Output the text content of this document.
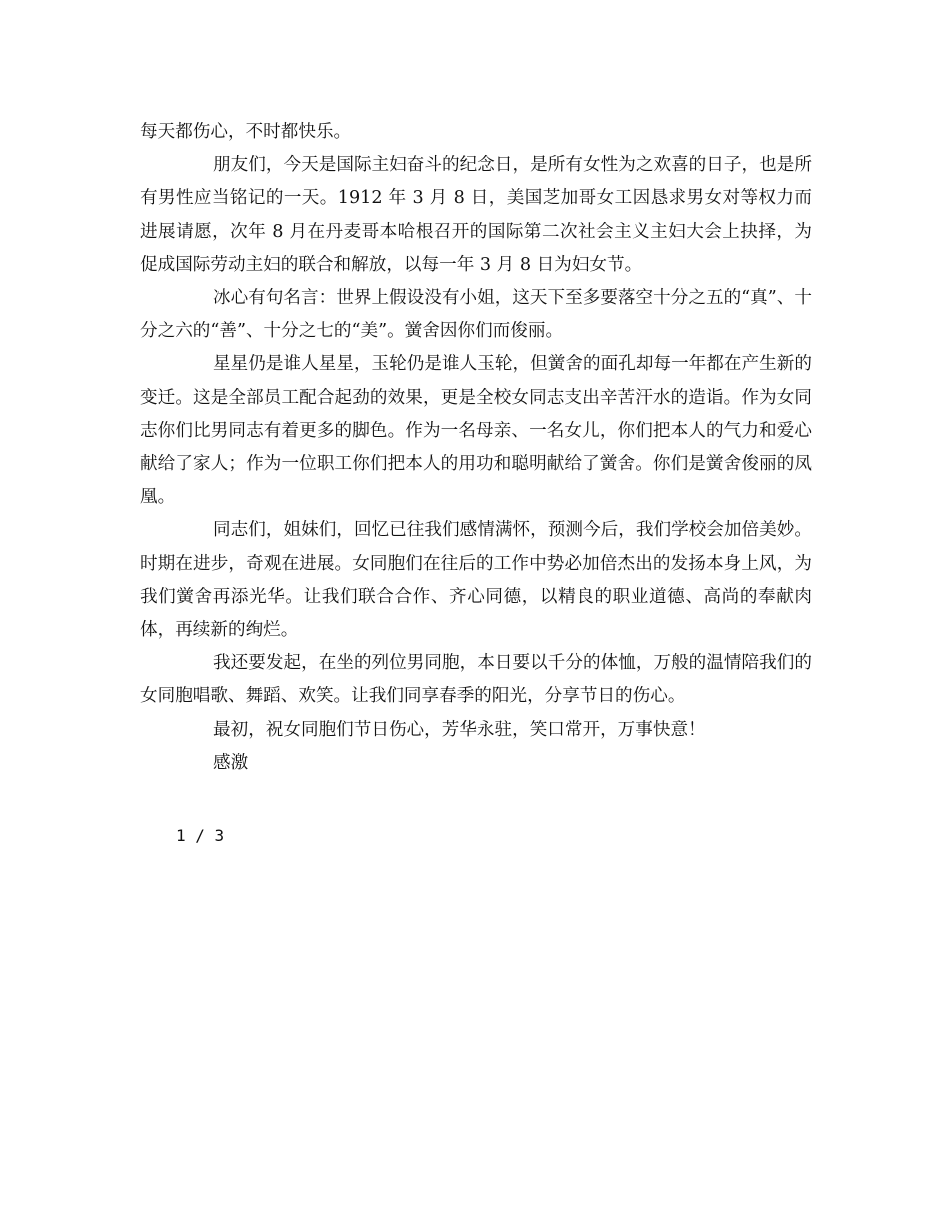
每天都伤心，不时都快乐。

朋友们，今天是国际主妇奋斗的纪念日，是所有女性为之欢喜的日子，也是所有男性应当铭记的一天。1912 年 3 月 8 日，美国芝加哥女工因恳求男女对等权力而进展请愿，次年 8 月在丹麦哥本哈根召开的国际第二次社会主义主妇大会上抉择，为促成国际劳动主妇的联合和解放，以每一年 3 月 8 日为妇女节。

冰心有句名言：世界上假设没有小姐，这天下至多要落空十分之五的“真”、十分之六的“善”、十分之七的“美”。黉舍因你们而俊丽。

星星仍是谁人星星，玉轮仍是谁人玉轮，但黉舍的面孔却每一年都在产生新的变迁。这是全部员工配合起劲的效果，更是全校女同志支出辛苦汗水的造诣。作为女同志你们比男同志有着更多的脚色。作为一名母亲、一名女儿，你们把本人的气力和爱心献给了家人；作为一位职工你们把本人的用功和聪明献给了黉舍。你们是黉舍俊丽的凤凰。

同志们，姐妹们，回忆已往我们感情满怀，预测今后，我们学校会加倍美妙。时期在进步，奇观在进展。女同胞们在往后的工作中势必加倍杰出的发扬本身上风，为我们黉舍再添光华。让我们联合合作、齐心同德，以精良的职业道德、高尚的奉献肉体，再续新的绚烂。

我还要发起，在坐的列位男同胞，本日要以千分的体恤，万般的温情陪我们的女同胞唱歌、舞蹈、欢笑。让我们同享春季的阳光，分享节日的伤心。

最初，祝女同胞们节日伤心，芳华永驻，笑口常开，万事快意！

感激

1 / 3
